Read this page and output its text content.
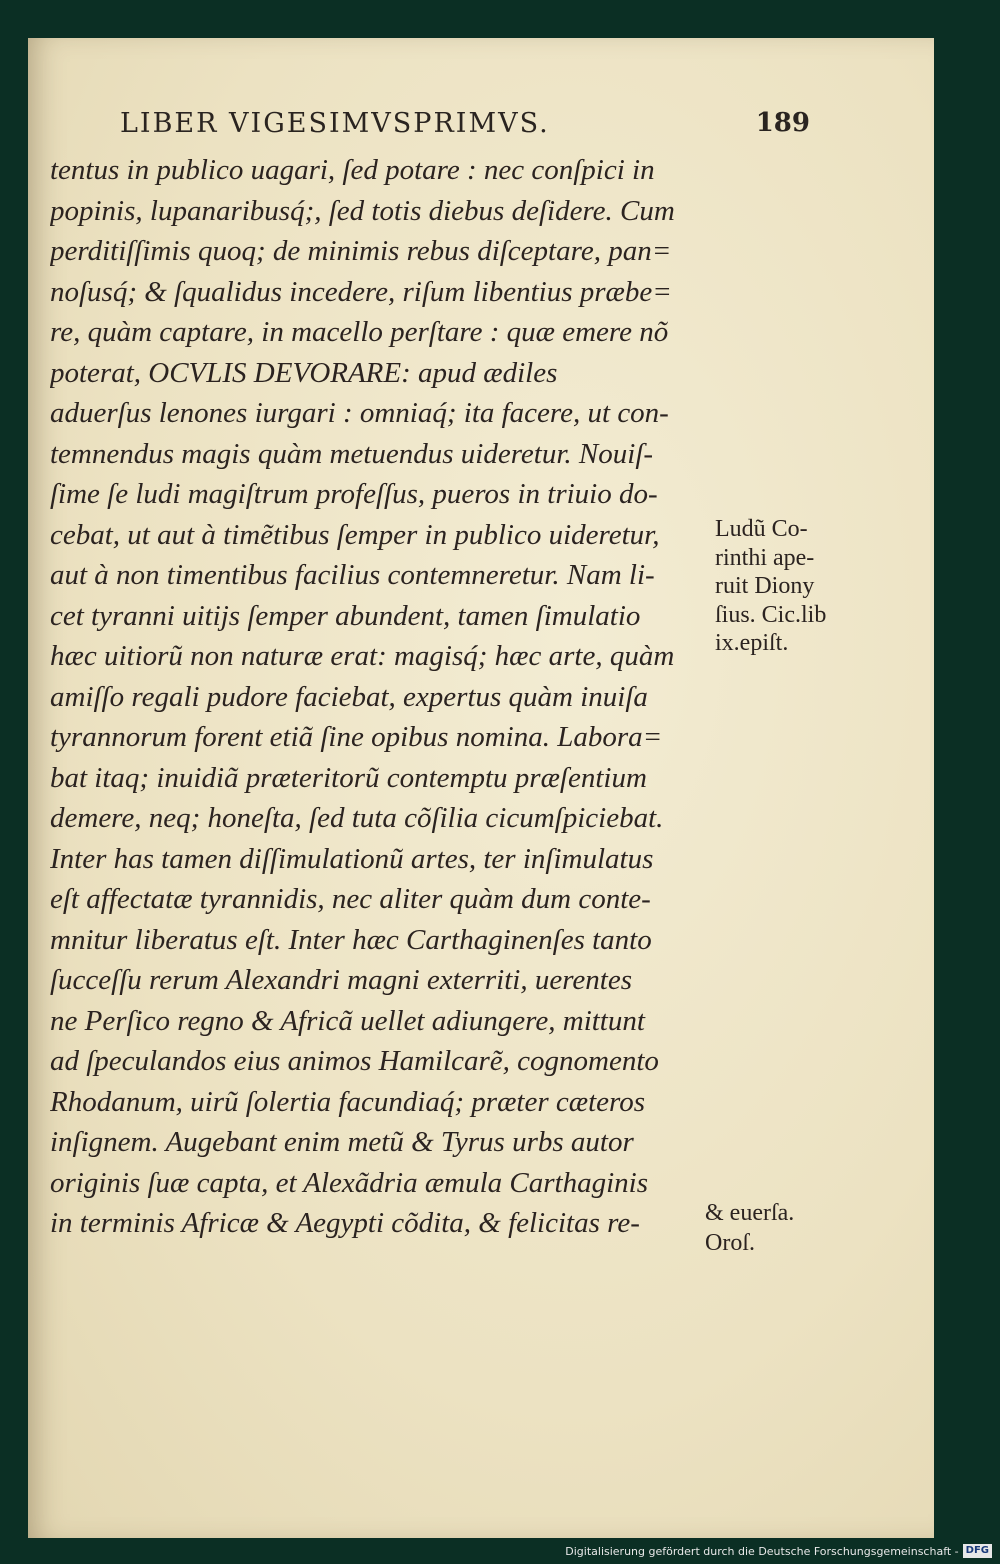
LIBER VIGESIMVSPRIMVS.	189
tentus in publico uagari, ſed potare : nec conſpici in
popinis, lupanaribusq́;, ſed totis diebus deſidere. Cum
perditiſſimis quoq; de minimis rebus diſceptare, pan=
noſusq́; & ſqualidus incedere, riſum libentius præbe=
re, quàm captare, in macello perſtare : quæ emere nõ
poterat, OCVLIS DEVORARE: apud ædiles
aduerſus lenones iurgari : omniaq́; ita facere, ut con-
temnendus magis quàm metuendus uideretur. Nouiſ-
ſime ſe ludi magiſtrum profeſſus, pueros in triuio do-
cebat, ut aut à timẽtibus ſemper in publico uideretur,
aut à non timentibus facilius contemneretur. Nam li-
cet tyranni uitijs ſemper abundent, tamen ſimulatio
hæc uitiorũ non naturæ erat: magisq́; hæc arte, quàm
amiſſo regali pudore faciebat, expertus quàm inuiſa
tyrannorum forent etiã ſine opibus nomina. Labora=
bat itaq; inuidiã præteritorũ contemptu præſentium
demere, neq; honeſta, ſed tuta cõſilia cicumſpiciebat.
Inter has tamen diſſimulationũ artes, ter inſimulatus
eſt affectatæ tyrannidis, nec aliter quàm dum conte-
mnitur liberatus eſt. Inter hæc Carthaginenſes tanto
ſucceſſu rerum Alexandri magni exterriti, uerentes
ne Perſico regno & Africã uellet adiungere, mittunt
ad ſpeculandos eius animos Hamilcarẽ, cognomento
Rhodanum, uirũ ſolertia facundiaq́; præter cæteros
inſignem. Augebant enim metũ & Tyrus urbs autor
originis ſuæ capta, et Alexãdria æmula Carthaginis
in terminis Africæ & Aegypti cõdita, & felicitas re-
Ludũ Co-
rinthi ape-
ruit Diony
ſius. Cic.lib
ix.epiſt.
& euerſa.
Oroſ.
Digitalisierung gefördert durch die Deutsche Forschungsgemeinschaft - DFG
